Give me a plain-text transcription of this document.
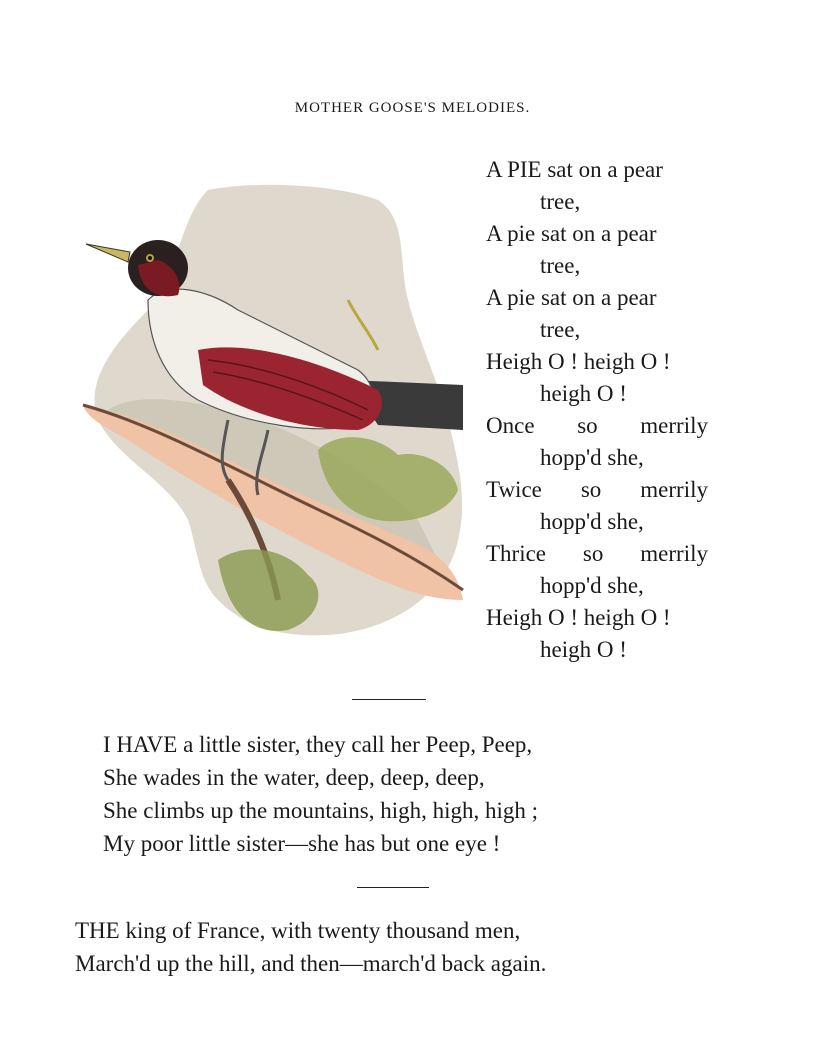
MOTHER GOOSE'S MELODIES.
A PIE sat on a pear
tree,
A pie sat on a pear
tree,
A pie sat on a pear
tree,
Heigh O ! heigh O !
heigh O !
Once so merrily
hopp'd she,
Twice so merrily
hopp'd she,
Thrice so merrily
hopp'd she,
Heigh O ! heigh O !
heigh O !
I HAVE a little sister, they call her Peep, Peep,
She wades in the water, deep, deep, deep,
She climbs up the mountains, high, high, high ;
My poor little sister—she has but one eye !
THE king of France, with twenty thousand men,
March'd up the hill, and then—march'd back again.
